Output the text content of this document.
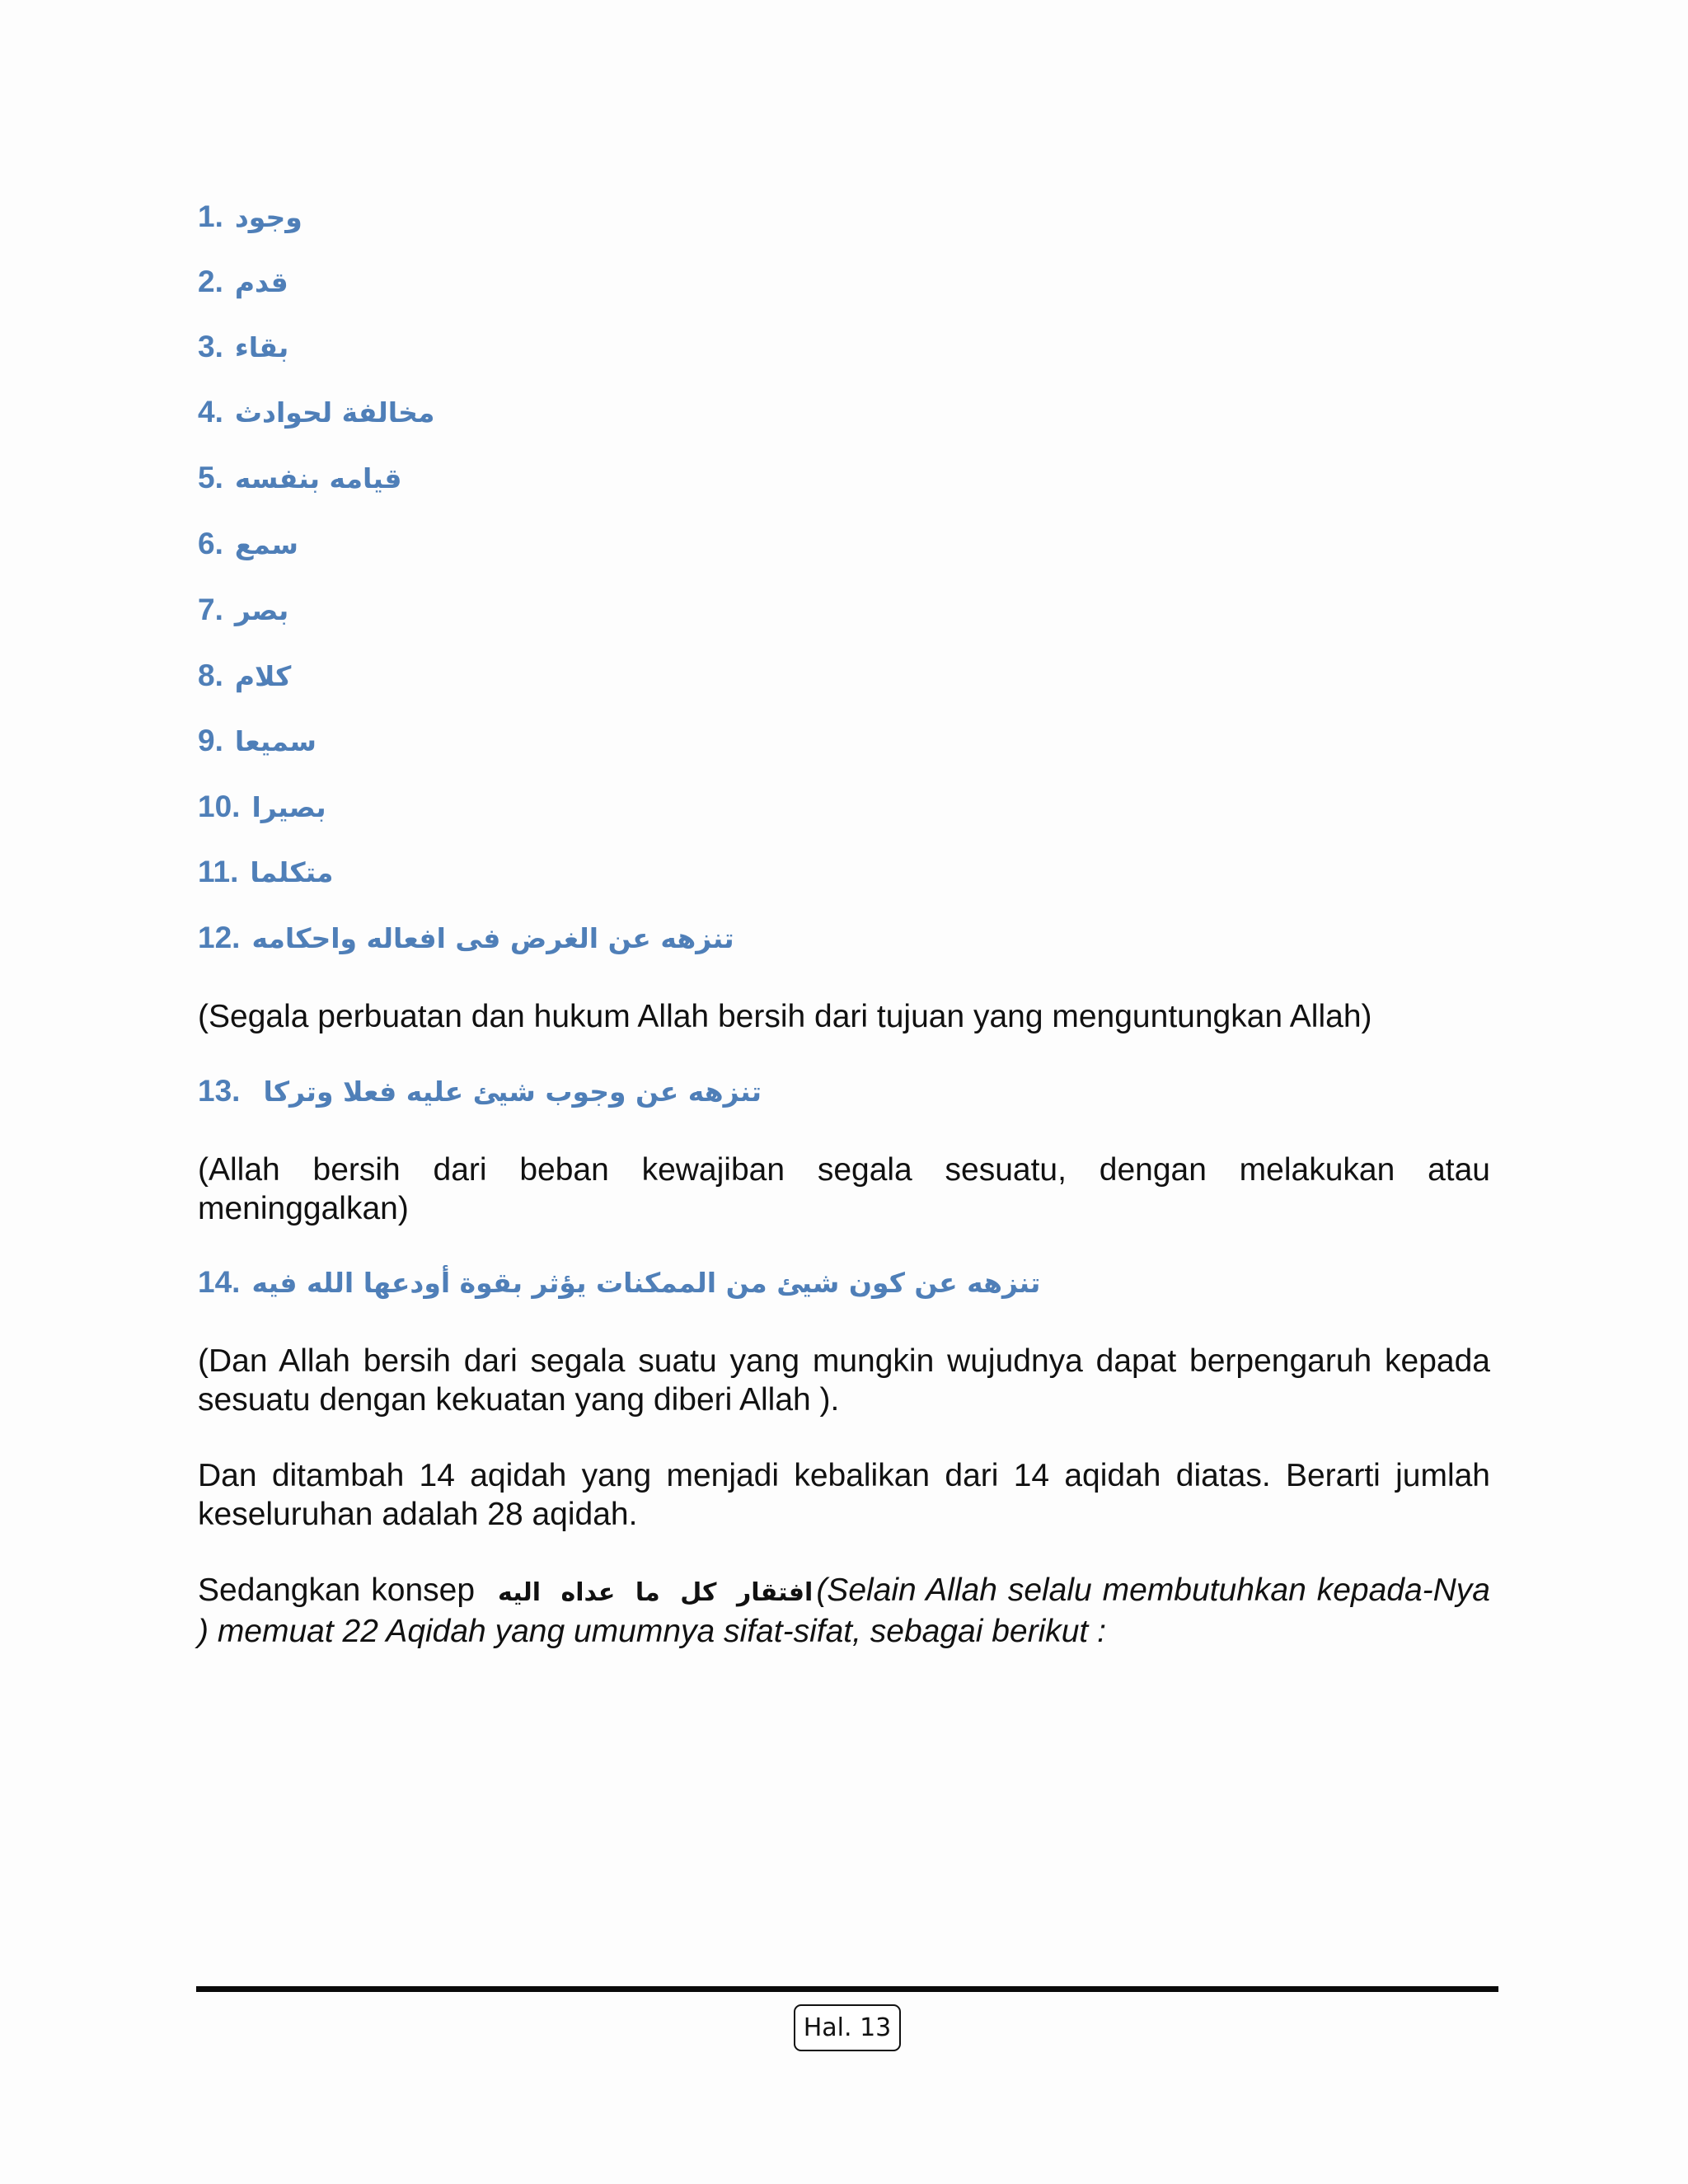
1. وجود
2. قدم
3. بقاء
4. مخالفة لحوادث
5. قيامه بنفسه
6. سمع
7. بصر
8. كلام
9. سميعا
10. بصيرا
11. متكلما
12. تنزهه عن الغرض فى افعاله واحكامه

(Segala perbuatan dan hukum Allah bersih dari tujuan yang menguntungkan Allah)

13. تنزهه عن وجوب شيئ عليه فعلا وتركا

(Allah bersih dari beban kewajiban segala sesuatu, dengan melakukan atau meninggalkan)

14. تنزهه عن كون شيئ من الممكنات يؤثر بقوة أودعها الله فيه

(Dan Allah bersih dari segala suatu yang mungkin wujudnya dapat berpengaruh kepada sesuatu dengan kekuatan yang diberi Allah ).

Dan ditambah 14 aqidah yang menjadi kebalikan dari 14 aqidah diatas. Berarti jumlah keseluruhan adalah 28 aqidah.

Sedangkan konsep افتقار كل ما عداه اليه (Selain Allah selalu membutuhkan kepada-Nya ) memuat 22 Aqidah yang umumnya sifat-sifat, sebagai berikut :

Hal. 13
